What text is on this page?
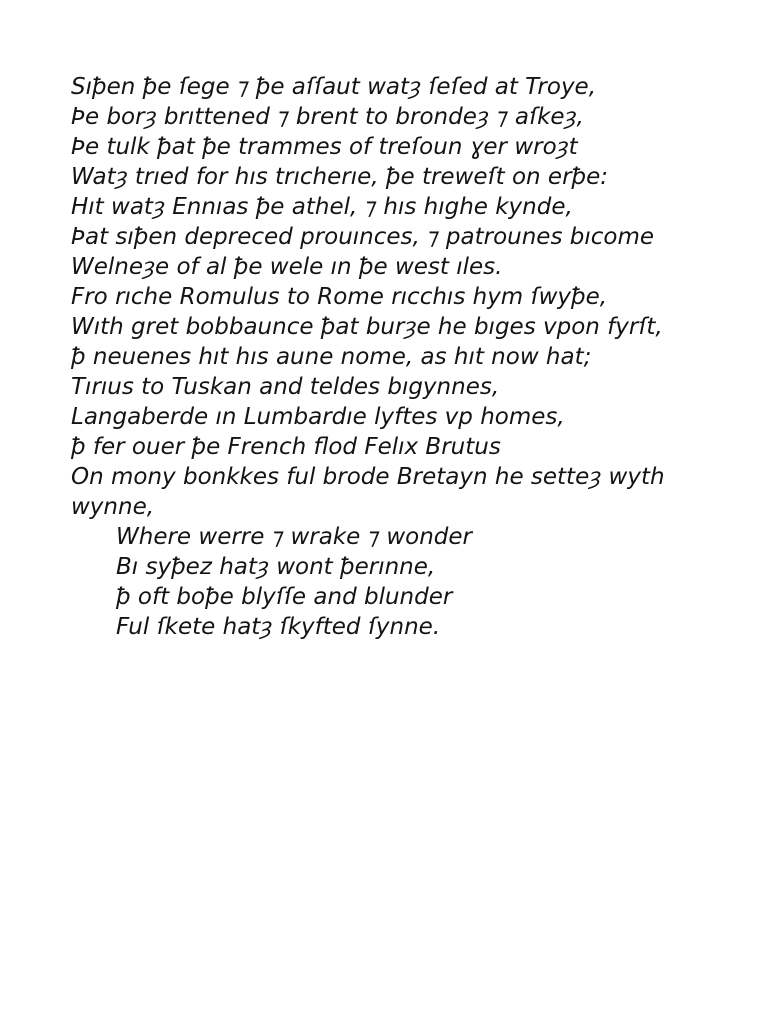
Sıꝥen ꝥe ſege ⁊ ꝥe aſſaut watȝ ſeſed at Troye,
Þe borȝ brıttened ⁊ brent to brondeȝ ⁊ aſkeȝ,
Þe tulk ꝥat ꝥe trammes of treſoun ɣer wroȝt
Watȝ trıed for hıs trıcherıe, ꝥe treweſt on erꝥe:
Hıt watȝ Ennıas ꝥe athel, ⁊ hıs hıghe kynde,
Þat sıꝥen depreced prouınces, ⁊ patrounes bıcome
Welneȝe of al ꝥe wele ın ꝥe west ıles.
Fro rıche Romulus to Rome rıcchıs hym ſwyꝥe,
Wıth gret bobbaunce ꝥat burȝe he bıges vpon fyrſt,
ꝥ neuenes hıt hıs aune nome, as hıt now hat;
Tırıus to Tuskan and teldes bıgynnes,
Langaberde ın Lumbardıe lyftes vp homes,
ꝥ fer ouer ꝥe French flod Felıx Brutus
On mony bonkkes ful brode Bretayn he setteȝ wyth wynne,
Where werre ⁊ wrake ⁊ wonder
Bı syꝥez hatȝ wont ꝥerınne,
ꝥ oft boꝥe blyſſe and blunder
Ful ſkete hatȝ ſkyfted ſynne.
